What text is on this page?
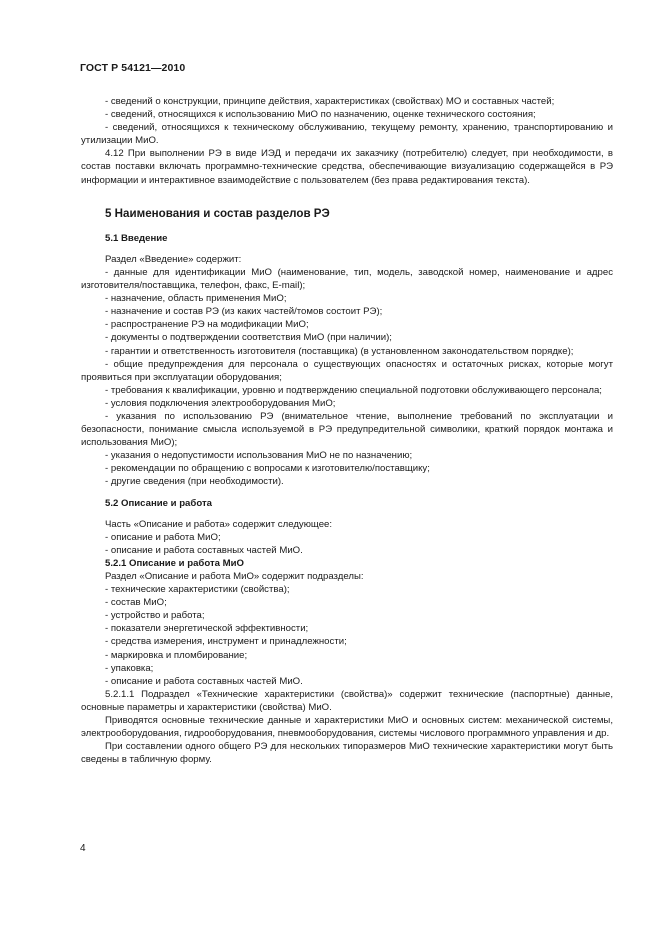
ГОСТ Р 54121—2010

- сведений о конструкции, принципе действия, характеристиках (свойствах) МО и составных частей;

- сведений, относящихся к использованию МиО по назначению, оценке технического состояния;

- сведений, относящихся к техническому обслуживанию, текущему ремонту, хранению, транспортированию и утилизации МиО.

4.12 При выполнении РЭ в виде ИЭД и передачи их заказчику (потребителю) следует, при необходимости, в состав поставки включать программно-технические средства, обеспечивающие визуализацию содержащейся в РЭ информации и интерактивное взаимодействие с пользователем (без права редактирования текста).

5 Наименования и состав разделов РЭ
5.1 Введение

Раздел «Введение» содержит:

- данные для идентификации МиО (наименование, тип, модель, заводской номер, наименование и адрес изготовителя/поставщика, телефон, факс, E-mail);

- назначение, область применения МиО;

- назначение и состав РЭ (из каких частей/томов состоит РЭ);

- распространение РЭ на модификации МиО;

- документы о подтверждении соответствия МиО (при наличии);

- гарантии и ответственность изготовителя (поставщика) (в установленном законодательством порядке);

- общие предупреждения для персонала о существующих опасностях и остаточных рисках, которые могут проявиться при эксплуатации оборудования;

- требования к квалификации, уровню и подтверждению специальной подготовки обслуживающего персонала;

- условия подключения электрооборудования МиО;

- указания по использованию РЭ (внимательное чтение, выполнение требований по эксплуатации и безопасности, понимание смысла используемой в РЭ предупредительной символики, краткий порядок монтажа и использования МиО);

- указания о недопустимости использования МиО не по назначению;

- рекомендации по обращению с вопросами к изготовителю/поставщику;

- другие сведения (при необходимости).

5.2 Описание и работа

Часть «Описание и работа» содержит следующее:

- описание и работа МиО;

- описание и работа составных частей МиО.

5.2.1 Описание и работа МиО

Раздел «Описание и работа МиО» содержит подразделы:

- технические характеристики (свойства);

- состав МиО;

- устройство и работа;

- показатели энергетической эффективности;

- средства измерения, инструмент и принадлежности;

- маркировка и пломбирование;

- упаковка;

- описание и работа составных частей МиО.

5.2.1.1 Подраздел «Технические характеристики (свойства)» содержит технические (паспортные) данные, основные параметры и характеристики (свойства) МиО.

Приводятся основные технические данные и характеристики МиО и основных систем: механической системы, электрооборудования, гидрооборудования, пневмооборудования, системы числового программного управления и др.

При составлении одного общего РЭ для нескольких типоразмеров МиО технические характеристики могут быть сведены в табличную форму.

4
